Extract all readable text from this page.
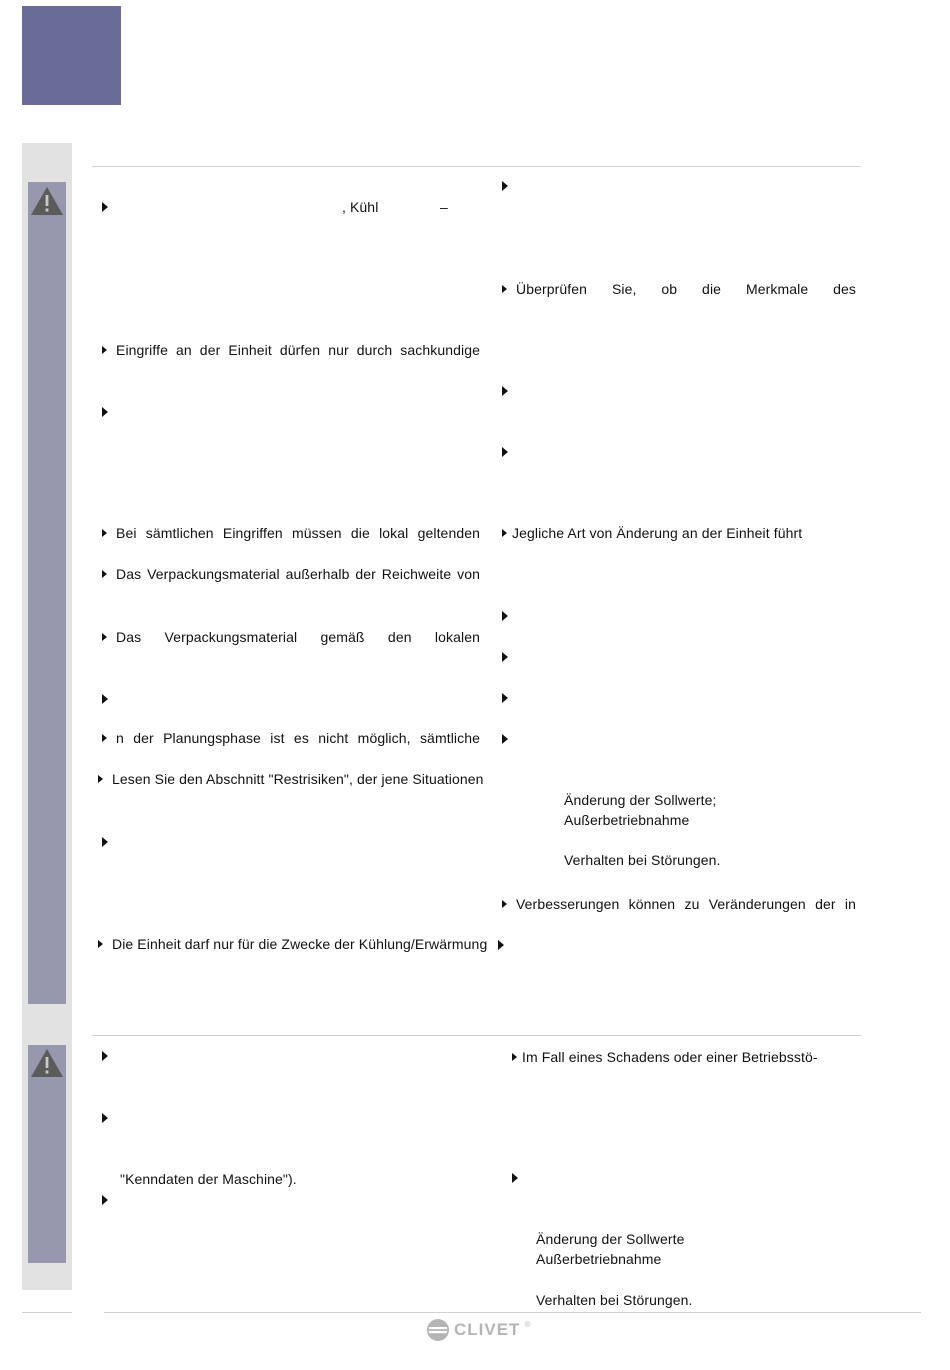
, Kühl	–
Eingriffe an der Einheit dürfen nur durch sachkundige
Bei sämtlichen Eingriffen müssen die lokal geltenden
Das Verpackungsmaterial außerhalb der Reichweite von
Das Verpackungsmaterial gemäß den lokalen
n der Planungsphase ist es nicht möglich, sämtliche
Lesen Sie den Abschnitt "Restrisiken", der jene Situationen
Die Einheit darf nur für die Zwecke der Kühlung/Erwärmung
Überprüfen Sie, ob die Merkmale des
Jegliche Art von Änderung an der Einheit führt
Änderung der Sollwerte;
Außerbetriebnahme
Verhalten bei Störungen.
Verbesserungen können zu Veränderungen der in
"Kenndaten der Maschine").
Im Fall eines Schadens oder einer Betriebsstö-
Änderung der Sollwerte
Außerbetriebnahme
Verhalten bei Störungen.
CLIVET ®
